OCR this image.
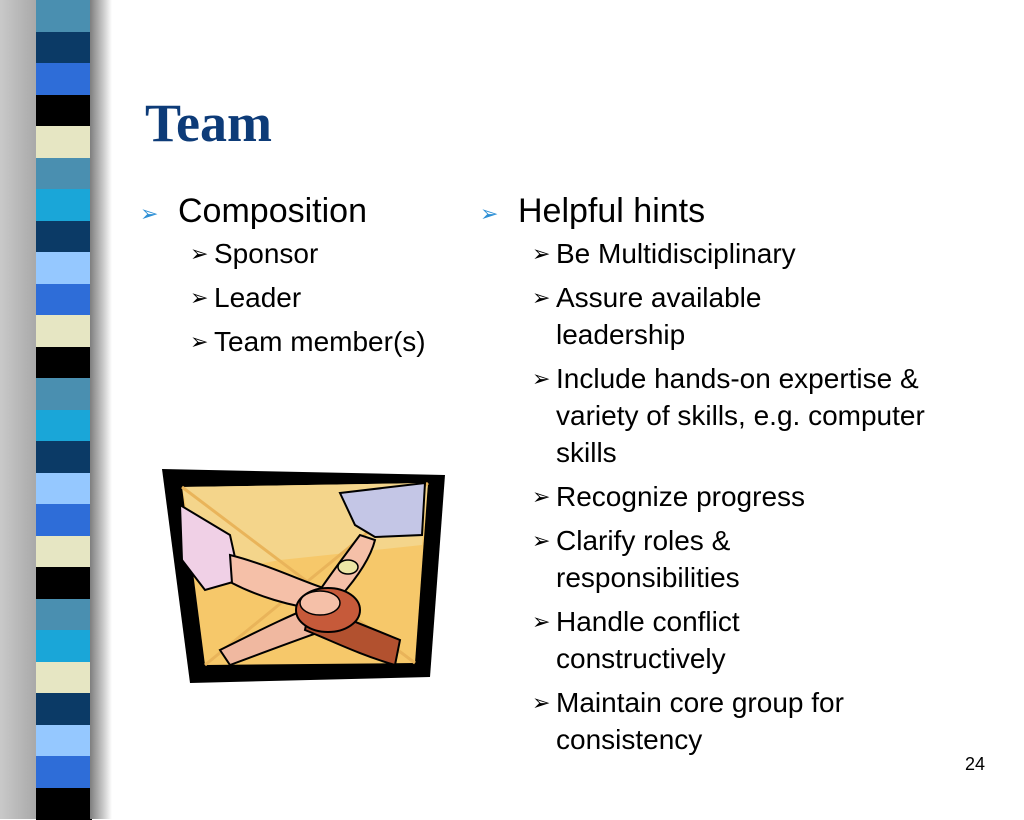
Team
➢ Composition
➢ Sponsor
➢ Leader
➢ Team member(s)
➢ Helpful hints
➢ Be Multidisciplinary
➢ Assure available leadership
➢ Include hands-on expertise & variety of skills, e.g. computer skills
➢ Recognize progress
➢ Clarify roles & responsibilities
➢ Handle conflict constructively
➢ Maintain core group for consistency
24
